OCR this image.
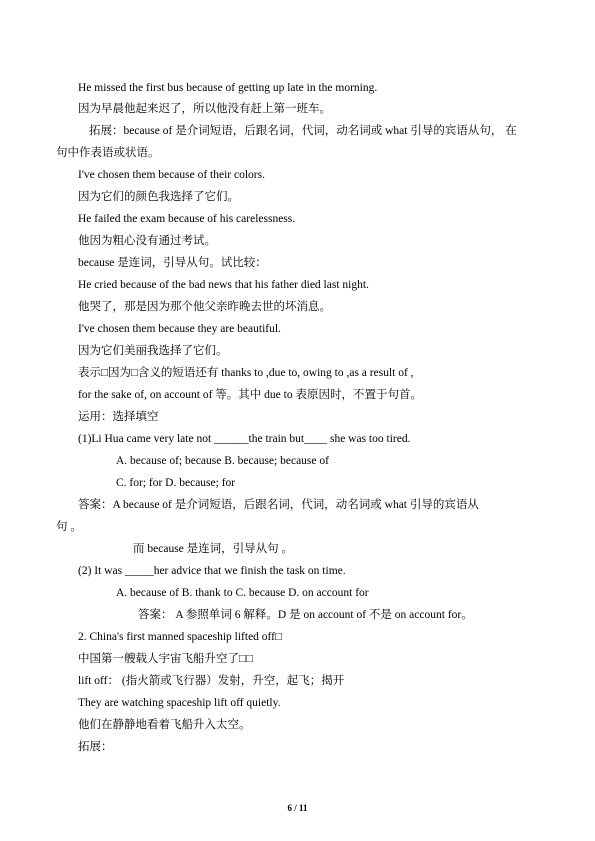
He missed the first bus because of getting up late in the morning.
因为早晨他起来迟了，所以他没有赶上第一班车。
拓展：because of 是介词短语，后跟名词，代词，动名词或 what 引导的宾语从句， 在
句中作表语或状语。
I've chosen them because of their colors.
因为它们的颜色我选择了它们。
He failed the exam because of his carelessness.
他因为粗心没有通过考试。
because 是连词，引导从句。试比较：
He cried because of the bad news that his father died last night.
他哭了，那是因为那个他父亲昨晚去世的坏消息。
I've chosen them because they are beautiful.
因为它们美丽我选择了它们。
表示□因为□含义的短语还有 thanks to ,due to, owing to ,as a result of ,
for the sake of, on account of 等。其中 due to 表原因时，不置于句首。
运用：选择填空
(1)Li Hua came very late not ______the train but____ she was too tired.
A. because of; because B. because; because of
C. for; for D. because; for
答案：A because of 是介词短语，后跟名词，代词，动名词或 what 引导的宾语从
句 。
而 because 是连词，引导从句 。
(2) It was _____her advice that we finish the task on time.
A. because of B. thank to C. because D. on account for
答案： A 参照单词 6 解释。D 是 on account of 不是 on account for。
2. China's first manned spaceship lifted off□
中国第一艘载人宇宙飞船升空了□□
lift off： (指火箭或飞行器）发射，升空，起飞；揭开
They are watching spaceship lift off quietly.
他们在静静地看着飞船升入太空。
拓展：
6 / 11
